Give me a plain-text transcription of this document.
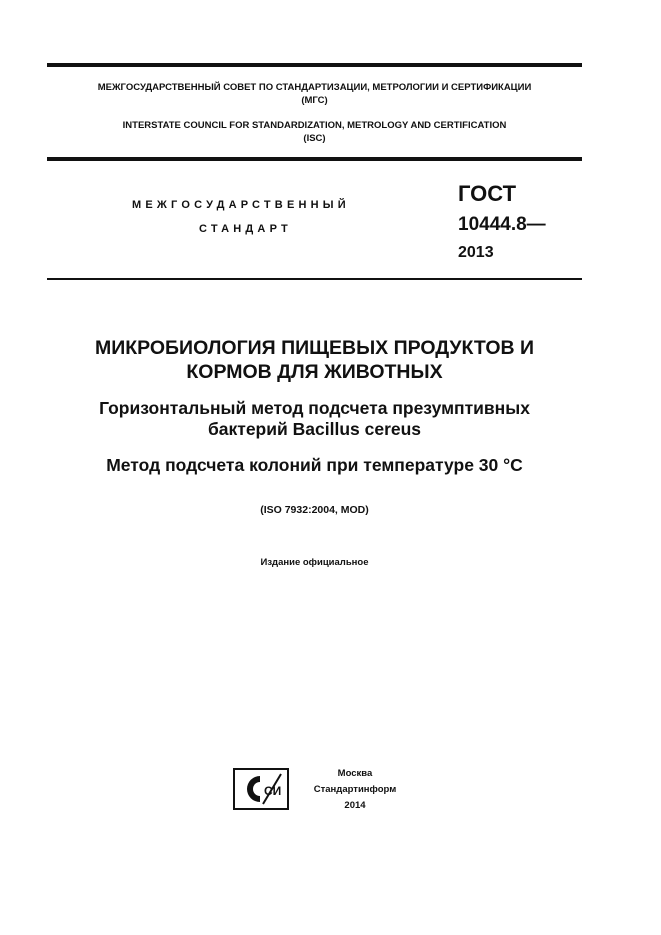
МЕЖГОСУДАРСТВЕННЫЙ СОВЕТ ПО СТАНДАРТИЗАЦИИ, МЕТРОЛОГИИ И СЕРТИФИКАЦИИ
(МГС)
INTERSTATE COUNCIL FOR STANDARDIZATION, METROLOGY AND CERTIFICATION
(ISC)
МЕЖГОСУДАРСТВЕННЫЙ
СТАНДАРТ
ГОСТ
10444.8—
2013
МИКРОБИОЛОГИЯ ПИЩЕВЫХ ПРОДУКТОВ И
КОРМОВ ДЛЯ ЖИВОТНЫХ
Горизонтальный метод подсчета презумптивных
бактерий Bacillus cereus
Метод подсчета колоний при температуре 30 °C
(ISO 7932:2004, MOD)
Издание официальное
СИ
Москва
Стандартинформ
2014
